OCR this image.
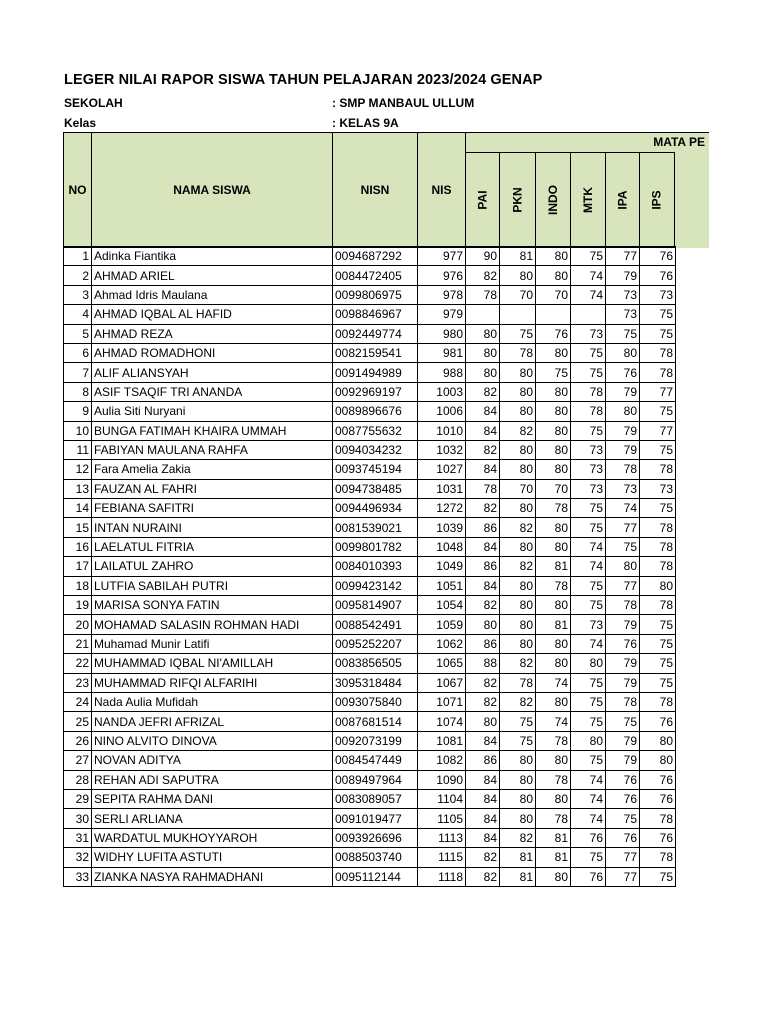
LEGER NILAI RAPOR SISWA TAHUN PELAJARAN 2023/2024 GENAP
SEKOLAH	: SMP MANBAUL ULLUM
Kelas	: KELAS 9A
NO	NAMA SISWA	NISN	NIS
MATA PE
PAI PKN INDO MTK IPA IPS
1	Adinka Fiantika	0094687292	977	90	81	80	75	77	76
2	AHMAD ARIEL	0084472405	976	82	80	80	74	79	76
3	Ahmad Idris Maulana	0099806975	978	78	70	70	74	73	73
4	AHMAD IQBAL AL HAFID	0098846967	979					73	75
5	AHMAD REZA	0092449774	980	80	75	76	73	75	75
6	AHMAD ROMADHONI	0082159541	981	80	78	80	75	80	78
7	ALIF ALIANSYAH	0091494989	988	80	80	75	75	76	78
8	ASIF TSAQIF TRI ANANDA	0092969197	1003	82	80	80	78	79	77
9	Aulia Siti Nuryani	0089896676	1006	84	80	80	78	80	75
10	BUNGA FATIMAH KHAIRA UMMAH	0087755632	1010	84	82	80	75	79	77
11	FABIYAN MAULANA RAHFA	0094034232	1032	82	80	80	73	79	75
12	Fara Amelia Zakia	0093745194	1027	84	80	80	73	78	78
13	FAUZAN AL FAHRI	0094738485	1031	78	70	70	73	73	73
14	FEBIANA SAFITRI	0094496934	1272	82	80	78	75	74	75
15	INTAN NURAINI	0081539021	1039	86	82	80	75	77	78
16	LAELATUL FITRIA	0099801782	1048	84	80	80	74	75	78
17	LAILATUL ZAHRO	0084010393	1049	86	82	81	74	80	78
18	LUTFIA SABILAH PUTRI	0099423142	1051	84	80	78	75	77	80
19	MARISA SONYA FATIN	0095814907	1054	82	80	80	75	78	78
20	MOHAMAD SALASIN ROHMAN HADI	0088542491	1059	80	80	81	73	79	75
21	Muhamad Munir Latifi	0095252207	1062	86	80	80	74	76	75
22	MUHAMMAD IQBAL NI'AMILLAH	0083856505	1065	88	82	80	80	79	75
23	MUHAMMAD RIFQI ALFARIHI	3095318484	1067	82	78	74	75	79	75
24	Nada Aulia Mufidah	0093075840	1071	82	82	80	75	78	78
25	NANDA JEFRI AFRIZAL	0087681514	1074	80	75	74	75	75	76
26	NINO ALVITO DINOVA	0092073199	1081	84	75	78	80	79	80
27	NOVAN ADITYA	0084547449	1082	86	80	80	75	79	80
28	REHAN ADI SAPUTRA	0089497964	1090	84	80	78	74	76	76
29	SEPITA RAHMA DANI	0083089057	1104	84	80	80	74	76	76
30	SERLI ARLIANA	0091019477	1105	84	80	78	74	75	78
31	WARDATUL MUKHOYYAROH	0093926696	1113	84	82	81	76	76	76
32	WIDHY LUFITA ASTUTI	0088503740	1115	82	81	81	75	77	78
33	ZIANKA NASYA RAHMADHANI	0095112144	1118	82	81	80	76	77	75
